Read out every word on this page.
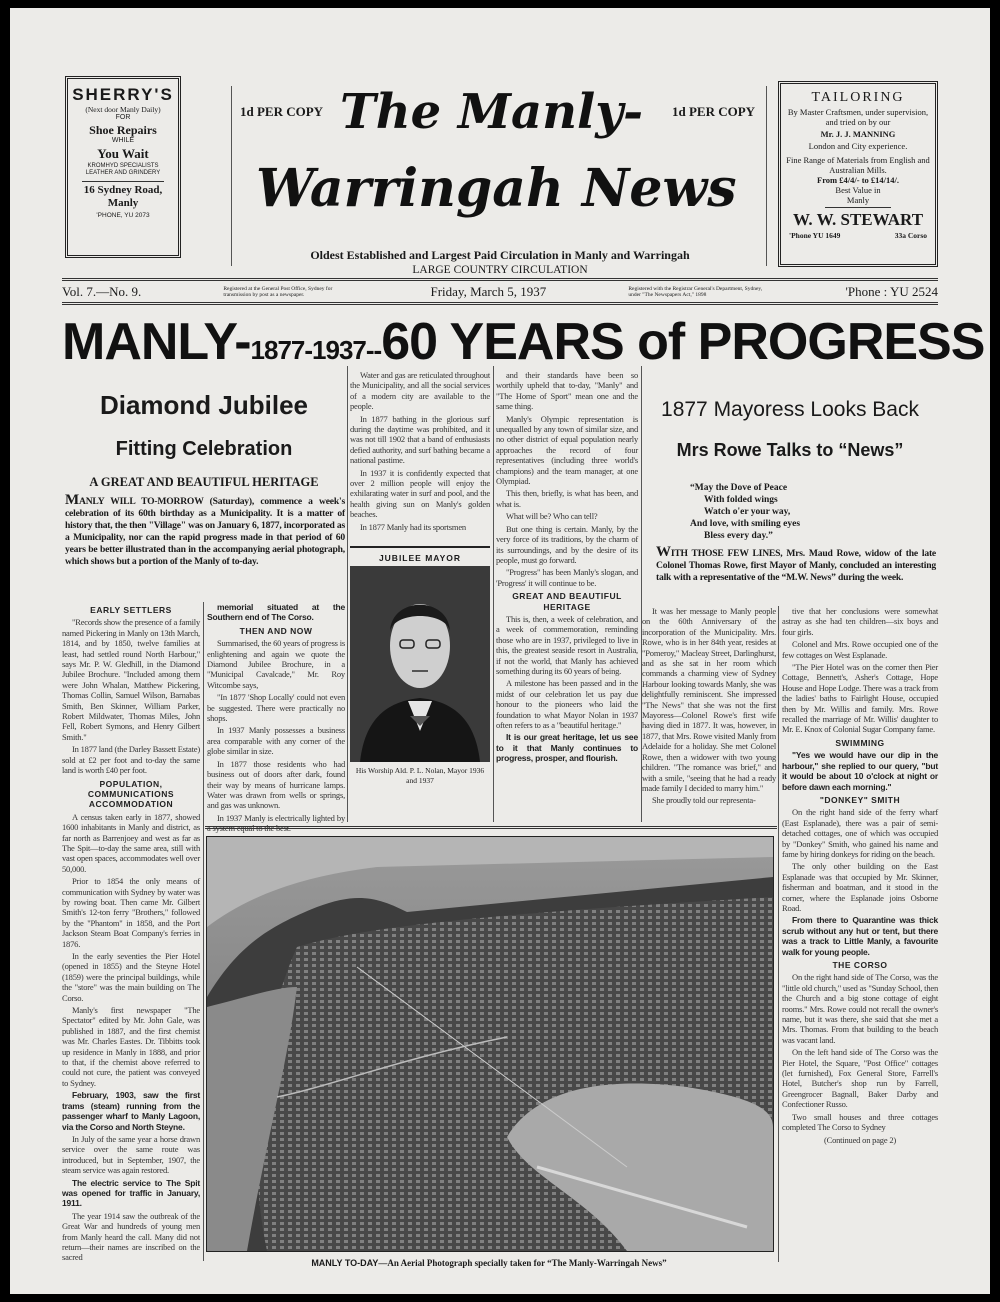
SHERRY'S
(Next door Manly Daily)
FOR
Shoe Repairs
WHILE
You Wait
KROMHYD SPECIALISTS
LEATHER AND GRINDERY
16 Sydney Road,
Manly
'PHONE, YU 2073
TAILORING
By Master Craftsmen, under supervision, and tried on by our
Mr. J. J. MANNING
London and City experience.
Fine Range of Materials from English and Australian Mills.
From £4/4/- to £14/14/.
Best Value in Manly
W. W. STEWART
'Phone YU 1649	33a Corso
1d PER COPY	1d PER COPY
The Manly-
Warringah News
Oldest Established and Largest Paid Circulation in Manly and Warringah
LARGE COUNTRY CIRCULATION
Vol. 7.—No. 9.	Registered at the General Post Office, Sydney for transmission by post as a newspaper.	Friday, March 5, 1937	Registered with the Registrar General's Department, Sydney, under "The Newspapers Act," 1898	'Phone : YU 2524
MANLY- 1877-1937-- 60 YEARS of PROGRESS
Diamond Jubilee
Fitting Celebration
A GREAT AND BEAUTIFUL HERITAGE
MANLY WILL TO-MORROW (Saturday), commence a week's celebration of its 60th birthday as a Municipality. It is a matter of history that, the then "Village" was on January 6, 1877, incorporated as a Municipality, nor can the rapid progress made in that period of 60 years be better illustrated than in the accompanying aerial photograph, which shows but a portion of the Manly of to-day.

EARLY SETTLERS

"Records show the presence of a family named Pickering in Manly on 13th March, 1814, and by 1850, twelve families at least, had settled round North Harbour," says Mr. P. W. Gledhill, in the Diamond Jubilee Brochure. "Included among them were John Whalan, Matthew Pickering, Thomas Collin, Samuel Wilson, Barnabas Smith, Ben Skinner, William Parker, Robert Mildwater, Thomas Miles, John Fell, Robert Symons, and Henry Gilbert Smith."

In 1877 land (the Darley Bassett Estate) sold at £2 per foot and to-day the same land is worth £40 per foot.

POPULATION, COMMUNICATIONS ACCOMMODATION

A census taken early in 1877, showed 1600 inhabitants in Manly and district, as far north as Barrenjoey and west as far as The Spit—to-day the same area, still with vast open spaces, accommodates well over 50,000.

Prior to 1854 the only means of communication with Sydney by water was by rowing boat. Then came Mr. Gilbert Smith's 12-ton ferry "Brothers," followed by the "Phantom" in 1858, and the Port Jackson Steam Boat Company's ferries in 1876.

In the early seventies the Pier Hotel (opened in 1855) and the Steyne Hotel (1859) were the principal buildings, while the "store" was the main building on The Corso.

Manly's first newspaper "The Spectator" edited by Mr. John Gale, was published in 1887, and the first chemist was Mr. Charles Eastes. Dr. Tibbitts took up residence in Manly in 1888, and prior to that, if the chemist above referred to could not cure, the patient was conveyed to Sydney.

February, 1903, saw the first trams (steam) running from the passenger wharf to Manly Lagoon, via the Corso and North Steyne.

In July of the same year a horse drawn service over the same route was introduced, but in September, 1907, the steam service was again restored.

The electric service to The Spit was opened for traffic in January, 1911.

The year 1914 saw the outbreak of the Great War and hundreds of young men from Manly heard the call. Many did not return—their names are inscribed on the sacred

memorial situated at the Southern end of The Corso.

THEN AND NOW

Summarised, the 60 years of progress is enlightening and again we quote the Diamond Jubilee Brochure, in a "Municipal Cavalcade," Mr. Roy Witcombe says,

"In 1877 'Shop Locally' could not even be suggested. There were practically no shops.

In 1937 Manly possesses a business area comparable with any corner of the globe similar in size.

In 1877 those residents who had business out of doors after dark, found their way by means of hurricane lamps. Water was drawn from wells or springs, and gas was unknown.

In 1937 Manly is electrically lighted by a system equal to the best.

Water and gas are reticulated throughout the Municipality, and all the social services of a modern city are available to the people.

In 1877 bathing in the glorious surf during the daytime was prohibited, and it was not till 1902 that a band of enthusiasts defied authority, and surf bathing became a national pastime.

In 1937 it is confidently expected that over 2 million people will enjoy the exhilarating water in surf and pool, and the health giving sun on Manly's golden beaches.

In 1877 Manly had its sportsmen

JUBILEE MAYOR
His Worship Ald. P. L. Nolan, Mayor 1936 and 1937

and their standards have been so worthily upheld that to-day, "Manly" and "The Home of Sport" mean one and the same thing.

Manly's Olympic representation is unequalled by any town of similar size, and no other district of equal population nearly approaches the record of four representatives (including three world's champions) and the team manager, at one Olympiad.

This then, briefly, is what has been, and what is.

What will be? Who can tell?

But one thing is certain. Manly, by the very force of its traditions, by the charm of its surroundings, and by the desire of its people, must go forward.

"Progress" has been Manly's slogan, and 'Progress' it will continue to be.

GREAT AND BEAUTIFUL HERITAGE

This is, then, a week of celebration, and a week of commemoration, reminding those who are in 1937, privileged to live in this, the greatest seaside resort in Australia, if not the world, that Manly has achieved something during its 60 years of being.

A milestone has been passed and in the midst of our celebration let us pay due honour to the pioneers who laid the foundation to what Mayor Nolan in 1937 often refers to as a "beautiful heritage."

It is our great heritage, let us see to it that Manly continues to progress, prosper, and flourish.

1877 Mayoress Looks Back
Mrs Rowe Talks to “News”
“May the Dove of Peace
With folded wings
Watch o'er your way,
And love, with smiling eyes
Bless every day.”
WITH THOSE FEW LINES, Mrs. Maud Rowe, widow of the late Colonel Thomas Rowe, first Mayor of Manly, concluded an interesting talk with a representative of the “M.W. News” during the week.

It was her message to Manly people on the 60th Anniversary of the incorporation of the Municipality. Mrs. Rowe, who is in her 84th year, resides at "Pomeroy," Macleay Street, Darlinghurst, and as she sat in her room which commands a charming view of Sydney Harbour looking towards Manly, she was delightfully reminiscent. She impressed "The News" that she was not the first Mayoress—Colonel Rowe's first wife having died in 1877. It was, however, in 1877, that Mrs. Rowe visited Manly from Adelaide for a holiday. She met Colonel Rowe, then a widower with two young children. "The romance was brief," and with a smile, "seeing that he had a ready made family I decided to marry him."

She proudly told our representa-

tive that her conclusions were somewhat astray as she had ten children—six boys and four girls.

Colonel and Mrs. Rowe occupied one of the few cottages on West Esplanade.

"The Pier Hotel was on the corner then Pier Cottage, Bennett's, Asher's Cottage, Hope House and Hope Lodge. There was a track from the ladies' baths to Fairlight House, occupied then by Mr. Willis and family. Mrs. Rowe recalled the marriage of Mr. Willis' daughter to Mr. E. Knox of Colonial Sugar Company fame.

SWIMMING

"Yes we would have our dip in the harbour," she replied to our query, "but it would be about 10 o'clock at night or before dawn each morning."

"DONKEY" SMITH

On the right hand side of the ferry wharf (East Esplanade), there was a pair of semi-detached cottages, one of which was occupied by "Donkey" Smith, who gained his name and fame by hiring donkeys for riding on the beach.

The only other building on the East Esplanade was that occupied by Mr. Skinner, fisherman and boatman, and it stood in the corner, where the Esplanade joins Osborne Road.

From there to Quarantine was thick scrub without any hut or tent, but there was a track to Little Manly, a favourite walk for young people.

THE CORSO

On the right hand side of The Corso, was the "little old church," used as "Sunday School, then the Church and a big stone cottage of eight rooms." Mrs. Rowe could not recall the owner's name, but it was there, she said that she met a Mrs. Thomas. From that building to the beach was vacant land.

On the left hand side of The Corso was the Pier Hotel, the Square, "Post Office" cottages (let furnished), Fox General Store, Farrell's Hotel, Butcher's shop run by Farrell, Greengrocer Bagnall, Baker Darby and Confectioner Russo.

Two small houses and three cottages completed The Corso to Sydney

(Continued on page 2)

MANLY TO-DAY—An Aerial Photograph specially taken for “The Manly-Warringah News”
